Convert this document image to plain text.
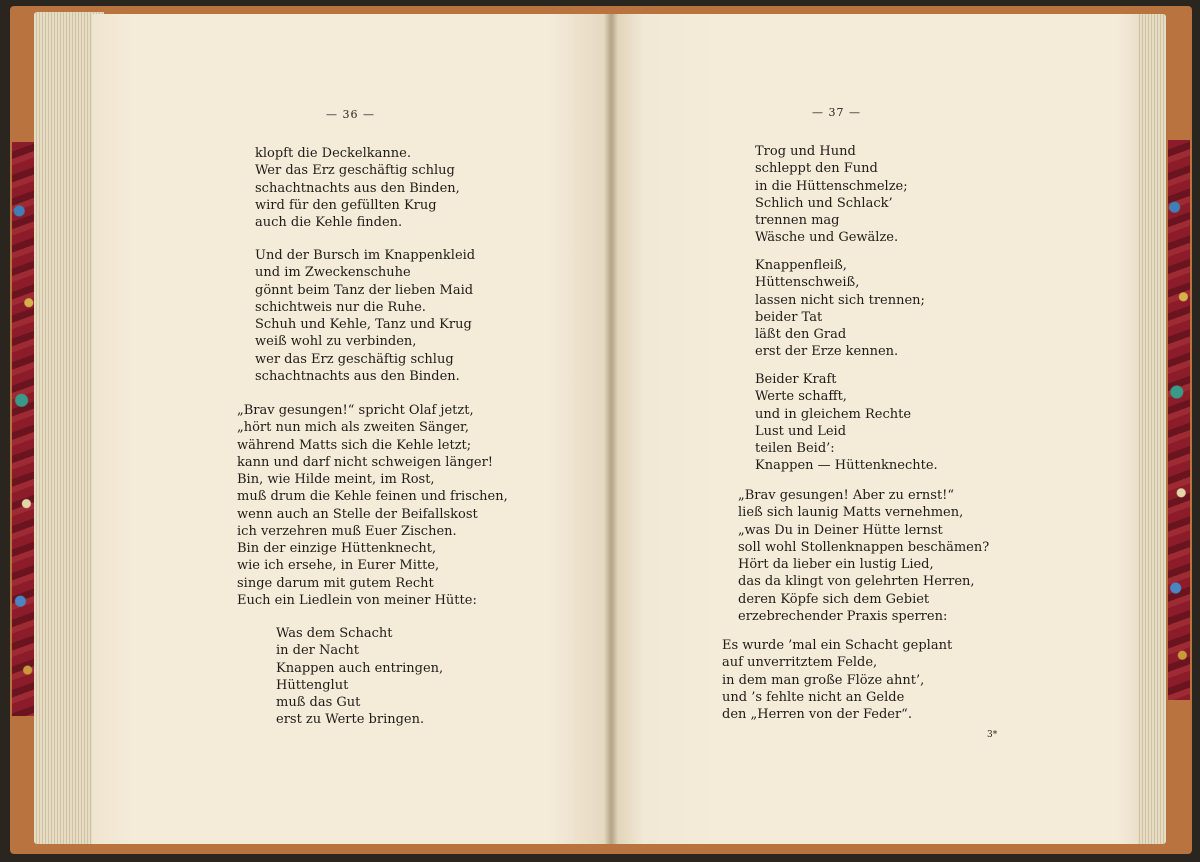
— 36 —
klopft die Deckelkanne.
Wer das Erz geschäftig schlug
schachtnachts aus den Binden,
wird für den gefüllten Krug
auch die Kehle finden.
Und der Bursch im Knappenkleid
und im Zweckenschuhe
gönnt beim Tanz der lieben Maid
schichtweis nur die Ruhe.
Schuh und Kehle, Tanz und Krug
weiß wohl zu verbinden,
wer das Erz geschäftig schlug
schachtnachts aus den Binden.
„Brav gesungen!“ spricht Olaf jetzt,
„hört nun mich als zweiten Sänger,
während Matts sich die Kehle letzt;
kann und darf nicht schweigen länger!
Bin, wie Hilde meint, im Rost,
muß drum die Kehle feinen und frischen,
wenn auch an Stelle der Beifallskost
ich verzehren muß Euer Zischen.
Bin der einzige Hüttenknecht,
wie ich ersehe, in Eurer Mitte,
singe darum mit gutem Recht
Euch ein Liedlein von meiner Hütte:
Was dem Schacht
in der Nacht
Knappen auch entringen,
Hüttenglut
muß das Gut
erst zu Werte bringen.
— 37 —
Trog und Hund
schleppt den Fund
in die Hüttenschmelze;
Schlich und Schlack’
trennen mag
Wäsche und Gewälze.
Knappenfleiß,
Hüttenschweiß,
lassen nicht sich trennen;
beider Tat
läßt den Grad
erst der Erze kennen.
Beider Kraft
Werte schafft,
und in gleichem Rechte
Lust und Leid
teilen Beid’:
Knappen — Hüttenknechte.
„Brav gesungen! Aber zu ernst!“
ließ sich launig Matts vernehmen,
„was Du in Deiner Hütte lernst
soll wohl Stollenknappen beschämen?
Hört da lieber ein lustig Lied,
das da klingt von gelehrten Herren,
deren Köpfe sich dem Gebiet
erzebrechender Praxis sperren:
Es wurde ’mal ein Schacht geplant
auf unverritztem Felde,
in dem man große Flöze ahnt’,
und ’s fehlte nicht an Gelde
den „Herren von der Feder“.
3*
